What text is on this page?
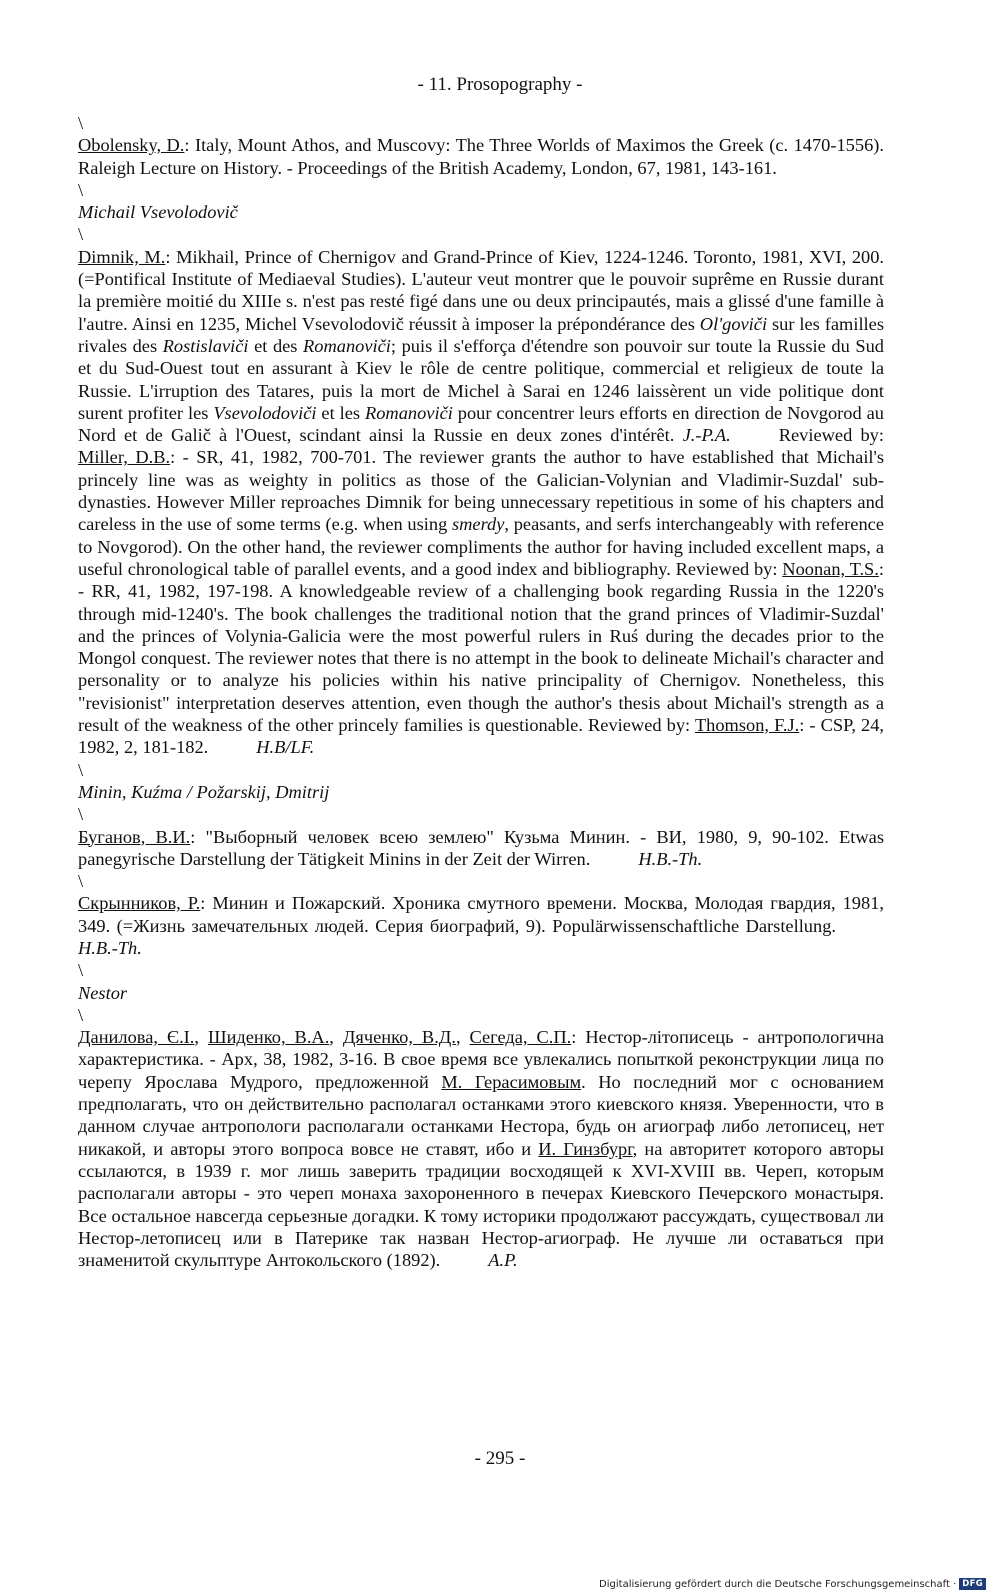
- 11. Prosopography -
\

Obolensky, D.: Italy, Mount Athos, and Muscovy: The Three Worlds of Maximos the Greek (c. 1470-1556). Raleigh Lecture on History. - Proceedings of the British Academy, London, 67, 1981, 143-161.

\
Michail Vsevolodovič
\

Dimnik, M.: Mikhail, Prince of Chernigov and Grand-Prince of Kiev, 1224-1246. Toronto, 1981, XVI, 200. (=Pontifical Institute of Mediaeval Studies). L'auteur veut montrer que le pouvoir suprême en Russie durant la première moitié du XIIIe s. n'est pas resté figé dans une ou deux principautés, mais a glissé d'une famille à l'autre. Ainsi en 1235, Michel Vsevolodovič réussit à imposer la prépondérance des Ol'goviči sur les familles rivales des Rostislaviči et des Romanoviči; puis il s'efforça d'étendre son pouvoir sur toute la Russie du Sud et du Sud-Ouest tout en assurant à Kiev le rôle de centre politique, commercial et religieux de toute la Russie. L'irruption des Tatares, puis la mort de Michel à Sarai en 1246 laissèrent un vide politique dont surent profiter les Vsevolodoviči et les Romanoviči pour concentrer leurs efforts en direction de Novgorod au Nord et de Galič à l'Ouest, scindant ainsi la Russie en deux zones d'intérêt. J.-P.A.	Reviewed by: Miller, D.B.: - SR, 41, 1982, 700-701. The reviewer grants the author to have established that Michail's princely line was as weighty in politics as those of the Galician-Volynian and Vladimir-Suzdal' sub-dynasties. However Miller reproaches Dimnik for being unnecessary repetitious in some of his chapters and careless in the use of some terms (e.g. when using smerdy, peasants, and serfs interchangeably with reference to Novgorod). On the other hand, the reviewer compliments the author for having included excellent maps, a useful chronological table of parallel events, and a good index and bibliography. Reviewed by: Noonan, T.S.: - RR, 41, 1982, 197-198. A knowledgeable review of a challenging book regarding Russia in the 1220's through mid-1240's. The book challenges the traditional notion that the grand princes of Vladimir-Suzdal' and the princes of Volynia-Galicia were the most powerful rulers in Ruś during the decades prior to the Mongol conquest. The reviewer notes that there is no attempt in the book to delineate Michail's character and personality or to analyze his policies within his native principality of Chernigov. Nonetheless, this "revisionist" interpretation deserves attention, even though the author's thesis about Michail's strength as a result of the weakness of the other princely families is questionable. Reviewed by: Thomson, F.J.: - CSP, 24, 1982, 2, 181-182.	H.B/LF.

\
Minin, Kuźma / Požarskij, Dmitrij
\

Буганов, В.И.: "Выборный человек всею землею" Кузьма Минин. - ВИ, 1980, 9, 90-102. Etwas panegyrische Darstellung der Tätigkeit Minins in der Zeit der Wirren.	H.B.-Th.

\

Скрынников, Р.: Минин и Пожарский. Хроника смутного времени. Москва, Молодая гвардия, 1981, 349. (=Жизнь замечательных людей. Серия биографий, 9). Populärwissenschaftliche Darstellung.H.B.-Th.

\
Nestor
\

Данилова, Є.І., Шиденко, В.А., Дяченко, В.Д., Сегеда, С.П.: Нестор-літописець - антропологична характеристика. - Арх, 38, 1982, 3-16. В свое время все увлекались попыткой реконструкции лица по черепу Ярослава Мудрого, предложенной М. Герасимовым. Но последний мог с основанием предполагать, что он действительно располагал останками этого киевского князя. Уверенности, что в данном случае антропологи располагали останками Нестора, будь он агиограф либо летописец, нет никакой, и авторы этого вопроса вовсе не ставят, ибо и И. Гинзбург, на авторитет которого авторы ссылаются, в 1939 г. мог лишь заверить традиции восходящей к XVI-XVIII вв. Череп, которым располагали авторы - это череп монаха захороненного в печерах Киевского Печерского монастыря. Все остальное навсегда серьезные догадки. К тому историки продолжают рассуждать, существовал ли Нестор-летописец или в Патерике так назван Нестор-агиограф. Не лучше ли оставаться при знаменитой скульптуре Антокольского (1892).	A.P.

- 295 -
Digitalisierung gefördert durch die Deutsche Forschungsgemeinschaft · DFG
